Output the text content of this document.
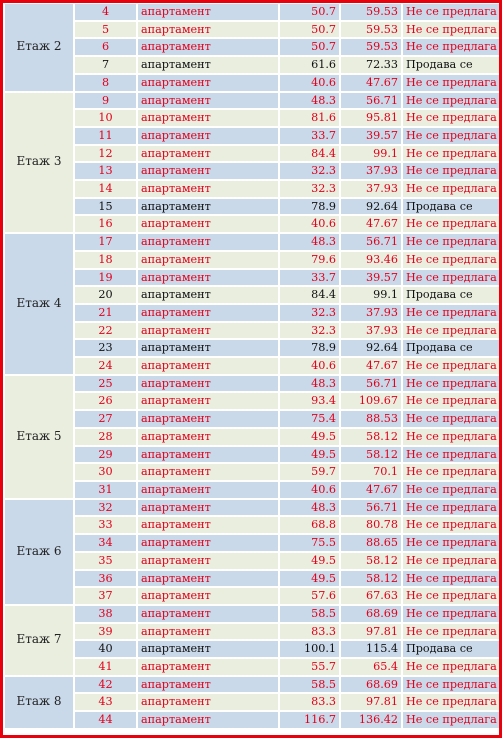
Етаж 2	4	апартамент	50.7	59.53	Не се предлага	
	5	апартамент	50.7	59.53	Не се предлага	
	6	апартамент	50.7	59.53	Не се предлага	
	7	апартамент	61.6	72.33	Продава се	
	8	апартамент	40.6	47.67	Не се предлага	
Етаж 3	9	апартамент	48.3	56.71	Не се предлага	
	10	апартамент	81.6	95.81	Не се предлага	
	11	апартамент	33.7	39.57	Не се предлага	
	12	апартамент	84.4	99.1	Не се предлага	
	13	апартамент	32.3	37.93	Не се предлага	
	14	апартамент	32.3	37.93	Не се предлага	
	15	апартамент	78.9	92.64	Продава се	
	16	апартамент	40.6	47.67	Не се предлага	
Етаж 4	17	апартамент	48.3	56.71	Не се предлага	
	18	апартамент	79.6	93.46	Не се предлага	
	19	апартамент	33.7	39.57	Не се предлага	
	20	апартамент	84.4	99.1	Продава се	
	21	апартамент	32.3	37.93	Не се предлага	
	22	апартамент	32.3	37.93	Не се предлага	
	23	апартамент	78.9	92.64	Продава се	
	24	апартамент	40.6	47.67	Не се предлага	
Етаж 5	25	апартамент	48.3	56.71	Не се предлага	
	26	апартамент	93.4	109.67	Не се предлага	
	27	апартамент	75.4	88.53	Не се предлага	
	28	апартамент	49.5	58.12	Не се предлага	
	29	апартамент	49.5	58.12	Не се предлага	
	30	апартамент	59.7	70.1	Не се предлага	
	31	апартамент	40.6	47.67	Не се предлага	
Етаж 6	32	апартамент	48.3	56.71	Не се предлага	
	33	апартамент	68.8	80.78	Не се предлага	
	34	апартамент	75.5	88.65	Не се предлага	
	35	апартамент	49.5	58.12	Не се предлага	
	36	апартамент	49.5	58.12	Не се предлага	
	37	апартамент	57.6	67.63	Не се предлага	
Етаж 7	38	апартамент	58.5	68.69	Не се предлага	
	39	апартамент	83.3	97.81	Не се предлага	
	40	апартамент	100.1	115.4	Продава се	
	41	апартамент	55.7	65.4	Не се предлага	
Етаж 8	42	апартамент	58.5	68.69	Не се предлага	
	43	апартамент	83.3	97.81	Не се предлага	
	44	апартамент	116.7	136.42	Не се предлага	
